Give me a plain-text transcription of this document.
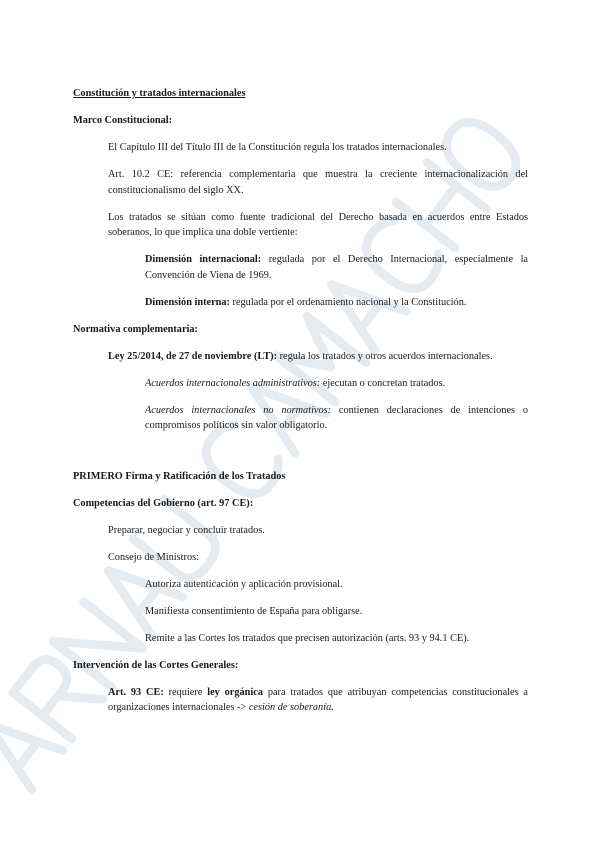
Constitución y tratados internacionales

Marco Constitucional:

El Capítulo III del Título III de la Constitución regula los tratados internacionales.

Art. 10.2 CE: referencia complementaria que muestra la creciente internacionalización del constitucionalismo del siglo XX.

Los tratados se sitúan como fuente tradicional del Derecho basada en acuerdos entre Estados soberanos, lo que implica una doble vertiente:

Dimensión internacional: regulada por el Derecho Internacional, especialmente la Convención de Viena de 1969.

Dimensión interna: regulada por el ordenamiento nacional y la Constitución.

Normativa complementaria:

Ley 25/2014, de 27 de noviembre (LT): regula los tratados y otros acuerdos internacionales.

Acuerdos internacionales administrativos: ejecutan o concretan tratados.

Acuerdos internacionales no normativos: contienen declaraciones de intenciones o compromisos políticos sin valor obligatorio.

PRIMERO Firma y Ratificación de los Tratados

Competencias del Gobierno (art. 97 CE):

Preparar, negociar y concluir tratados.

Consejo de Ministros:

Autoriza autenticación y aplicación provisional.

Manifiesta consentimiento de España para obligarse.

Remite a las Cortes los tratados que precisen autorización (arts. 93 y 94.1 CE).

Intervención de las Cortes Generales:

Art. 93 CE: requiere ley orgánica para tratados que atribuyan competencias constitucionales a organizaciones internacionales -> cesión de soberanía.
